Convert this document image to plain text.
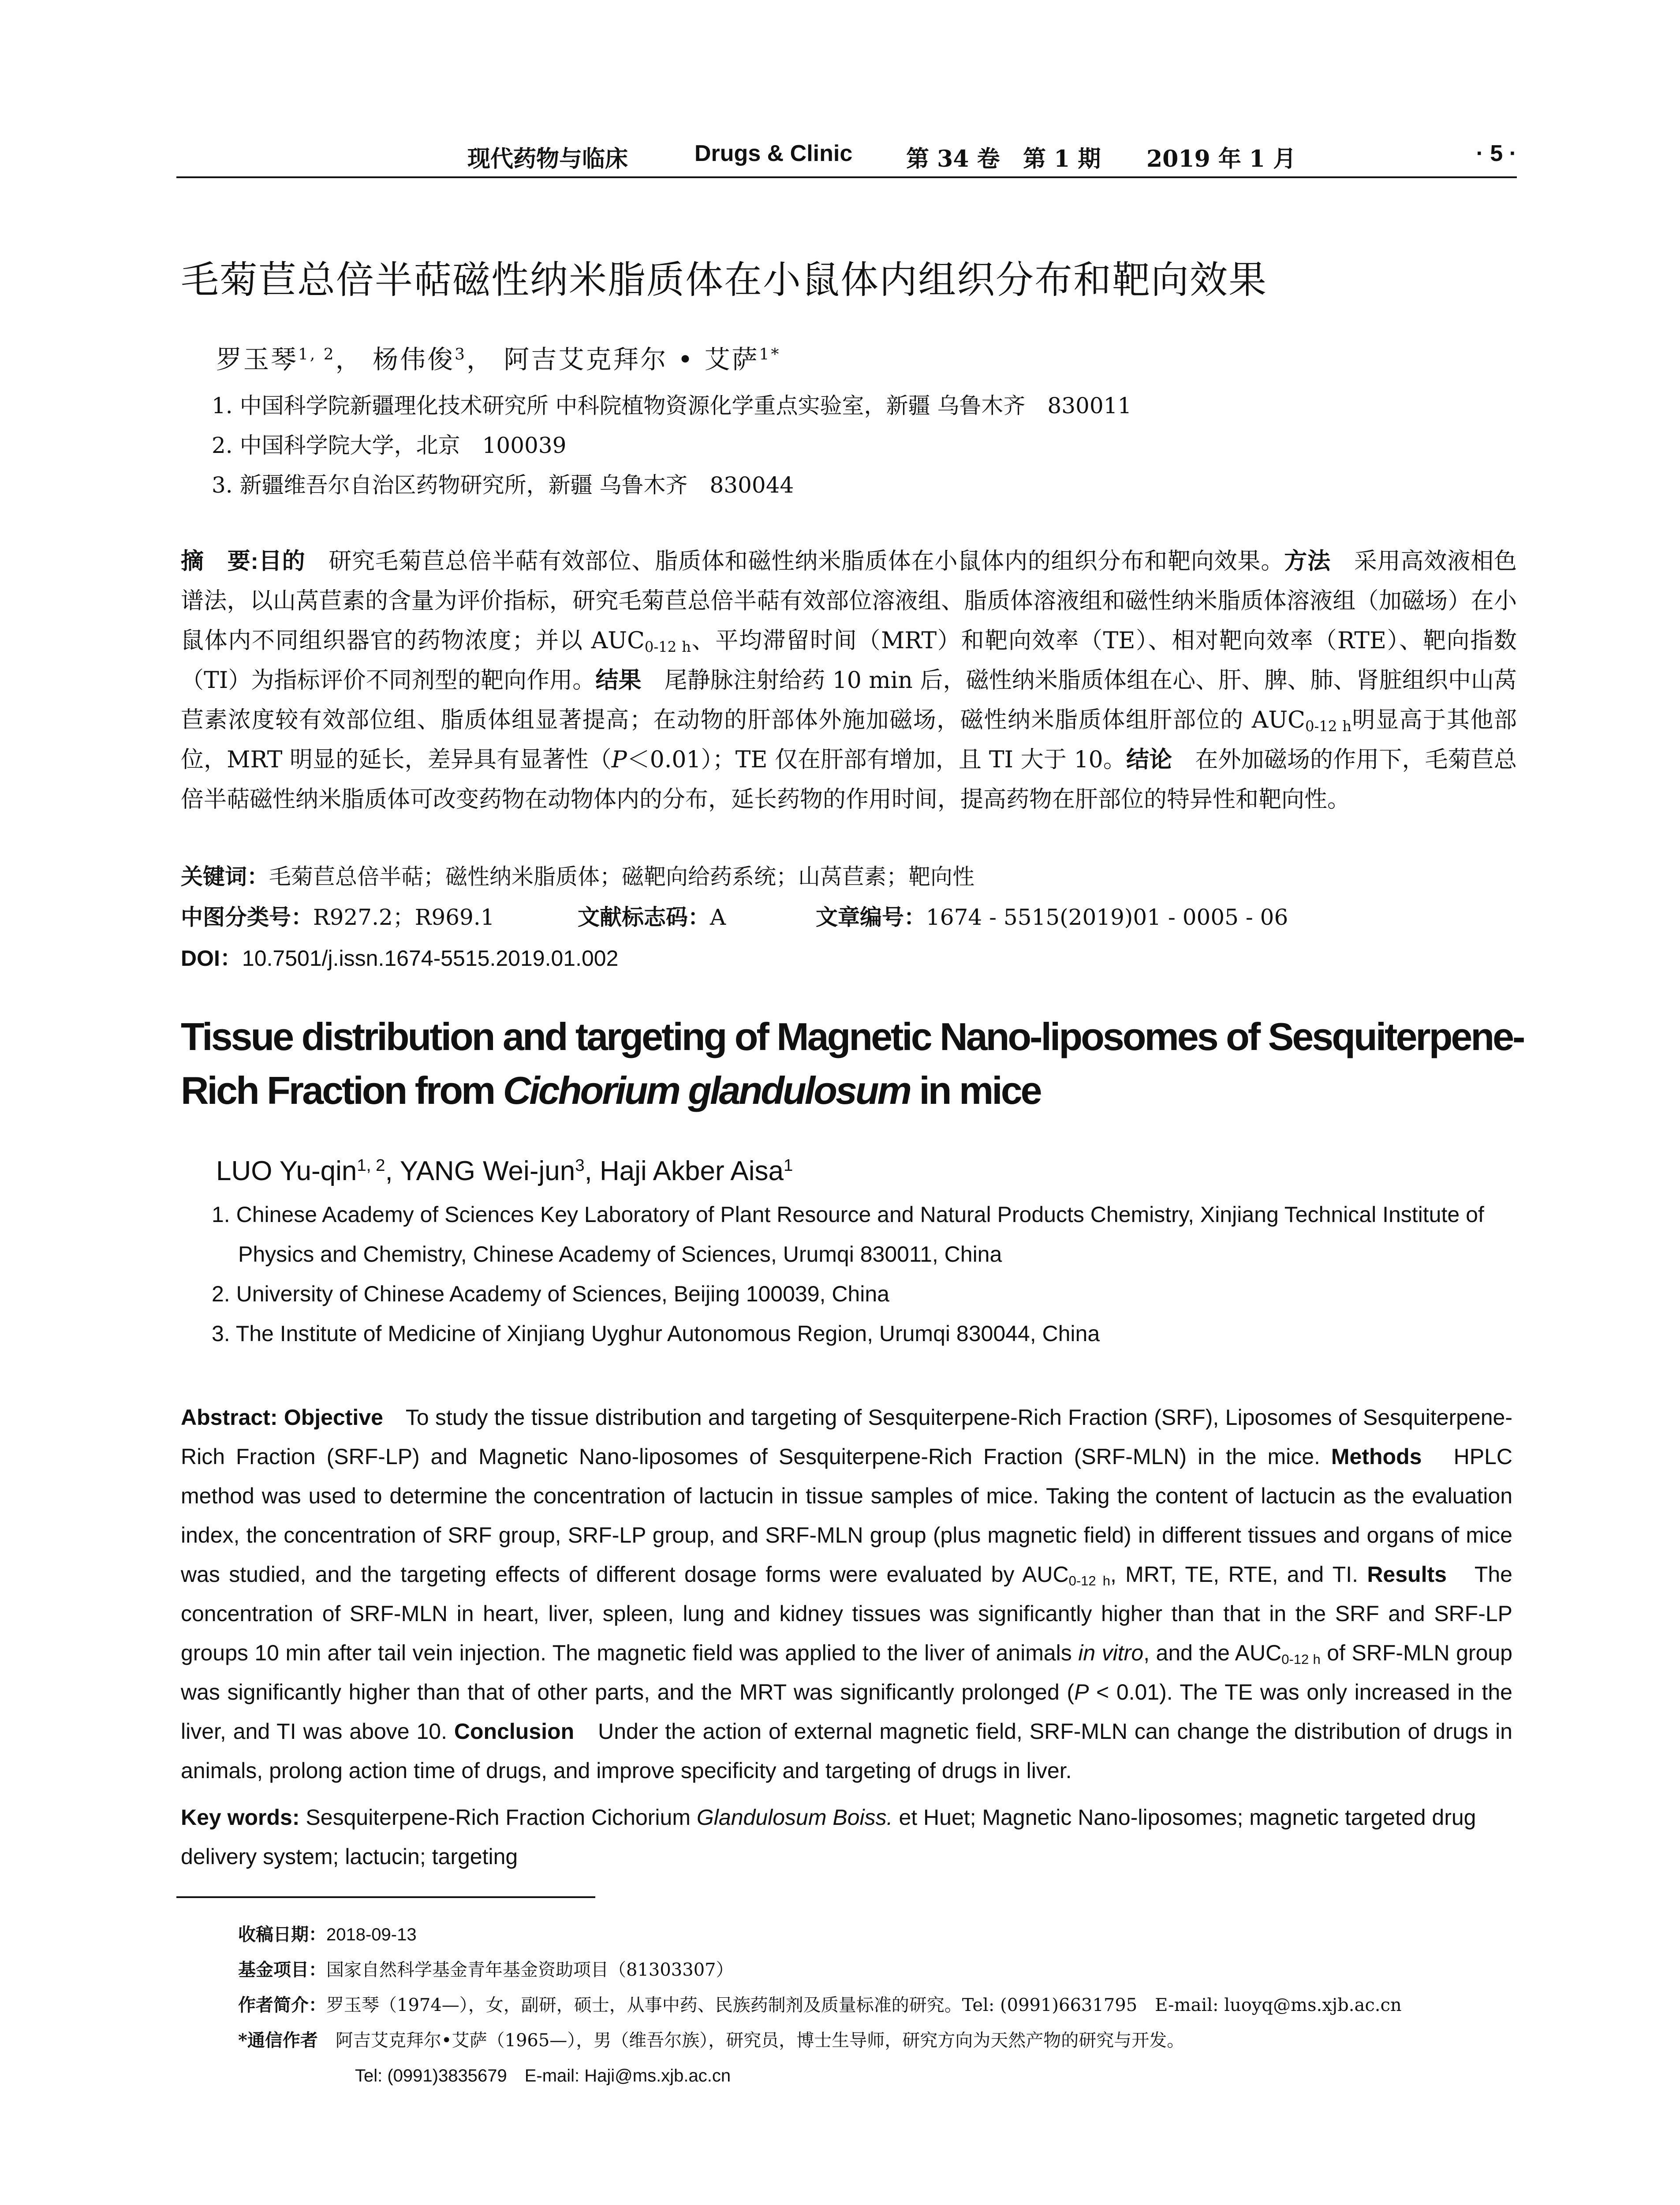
现代药物与临床	Drugs & Clinic 第 34 卷 第 1 期 2019 年 1 月	· 5 ·
毛菊苣总倍半萜磁性纳米脂质体在小鼠体内组织分布和靶向效果
罗玉琴$^{1, 2}$， 杨伟俊$^3$， 阿吉艾克拜尔 • 艾萨$^{1*}$
1. 中国科学院新疆理化技术研究所 中科院植物资源化学重点实验室，新疆 乌鲁木齐　830011
2. 中国科学院大学，北京　100039
3. 新疆维吾尔自治区药物研究所，新疆 乌鲁木齐　830044
摘　要:目的　研究毛菊苣总倍半萜有效部位、脂质体和磁性纳米脂质体在小鼠体内的组织分布和靶向效果。方法　采用高效液相色谱法，以山莴苣素的含量为评价指标，研究毛菊苣总倍半萜有效部位溶液组、脂质体溶液组和磁性纳米脂质体溶液组（加磁场）在小鼠体内不同组织器官的药物浓度；并以 $AUC_{0-12 h}$、平均滞留时间（MRT）和靶向效率（TE）、相对靶向效率（RTE）、靶向指数（TI）为指标评价不同剂型的靶向作用。结果　尾静脉注射给药 10 min 后，磁性纳米脂质体组在心、肝、脾、肺、肾脏组织中山莴苣素浓度较有效部位组、脂质体组显著提高；在动物的肝部体外施加磁场，磁性纳米脂质体组肝部位的 $AUC_{0-12 h}$明显高于其他部位，MRT 明显的延长，差异具有显著性（P＜0.01）；TE 仅在肝部有增加，且 TI 大于 10。结论　在外加磁场的作用下，毛菊苣总倍半萜磁性纳米脂质体可改变药物在动物体内的分布，延长药物的作用时间，提高药物在肝部位的特异性和靶向性。
关键词：毛菊苣总倍半萜；磁性纳米脂质体；磁靶向给药系统；山莴苣素；靶向性
中图分类号：R927.2；R969.1	文献标志码：A	文章编号：1674 - 5515(2019)01 - 0005 - 06
DOI：10.7501/j.issn.1674-5515.2019.01.002
Tissue distribution and targeting of Magnetic Nano-liposomes of Sesquiterpene-Rich Fraction from Cichorium glandulosum in mice
LUO Yu-qin$^{1, 2}$, YANG Wei-jun$^3$, Haji Akber Aisa$^1$
1. Chinese Academy of Sciences Key Laboratory of Plant Resource and Natural Products Chemistry, Xinjiang Technical Institute of
Physics and Chemistry, Chinese Academy of Sciences, Urumqi 830011, China
2. University of Chinese Academy of Sciences, Beijing 100039, China
3. The Institute of Medicine of Xinjiang Uyghur Autonomous Region, Urumqi 830044, China
Abstract: Objective　To study the tissue distribution and targeting of Sesquiterpene-Rich Fraction (SRF), Liposomes of Sesquiterpene-Rich Fraction (SRF-LP) and Magnetic Nano-liposomes of Sesquiterpene-Rich Fraction (SRF-MLN) in the mice. Methods　HPLC method was used to determine the concentration of lactucin in tissue samples of mice. Taking the content of lactucin as the evaluation index, the concentration of SRF group, SRF-LP group, and SRF-MLN group (plus magnetic field) in different tissues and organs of mice was studied, and the targeting effects of different dosage forms were evaluated by $AUC_{0-12 h}$, MRT, TE, RTE, and TI. Results　The concentration of SRF-MLN in heart, liver, spleen, lung and kidney tissues was significantly higher than that in the SRF and SRF-LP groups 10 min after tail vein injection. The magnetic field was applied to the liver of animals in vitro, and the $AUC_{0-12 h}$ of SRF-MLN group was significantly higher than that of other parts, and the MRT was significantly prolonged (P < 0.01). The TE was only increased in the liver, and TI was above 10. Conclusion　Under the action of external magnetic field, SRF-MLN can change the distribution of drugs in animals, prolong action time of drugs, and improve specificity and targeting of drugs in liver.
Key words: Sesquiterpene-Rich Fraction Cichorium Glandulosum Boiss. et Huet; Magnetic Nano-liposomes; magnetic targeted drug delivery system; lactucin; targeting
收稿日期：2018-09-13
基金项目：国家自然科学基金青年基金资助项目（81303307）
作者简介：罗玉琴（1974—），女，副研，硕士，从事中药、民族药制剂及质量标准的研究。Tel: (0991)6631795　E-mail: luoyq@ms.xjb.ac.cn
*通信作者　阿吉艾克拜尔•艾萨（1965—），男（维吾尔族），研究员，博士生导师，研究方向为天然产物的研究与开发。
Tel: (0991)3835679　E-mail: Haji@ms.xjb.ac.cn
